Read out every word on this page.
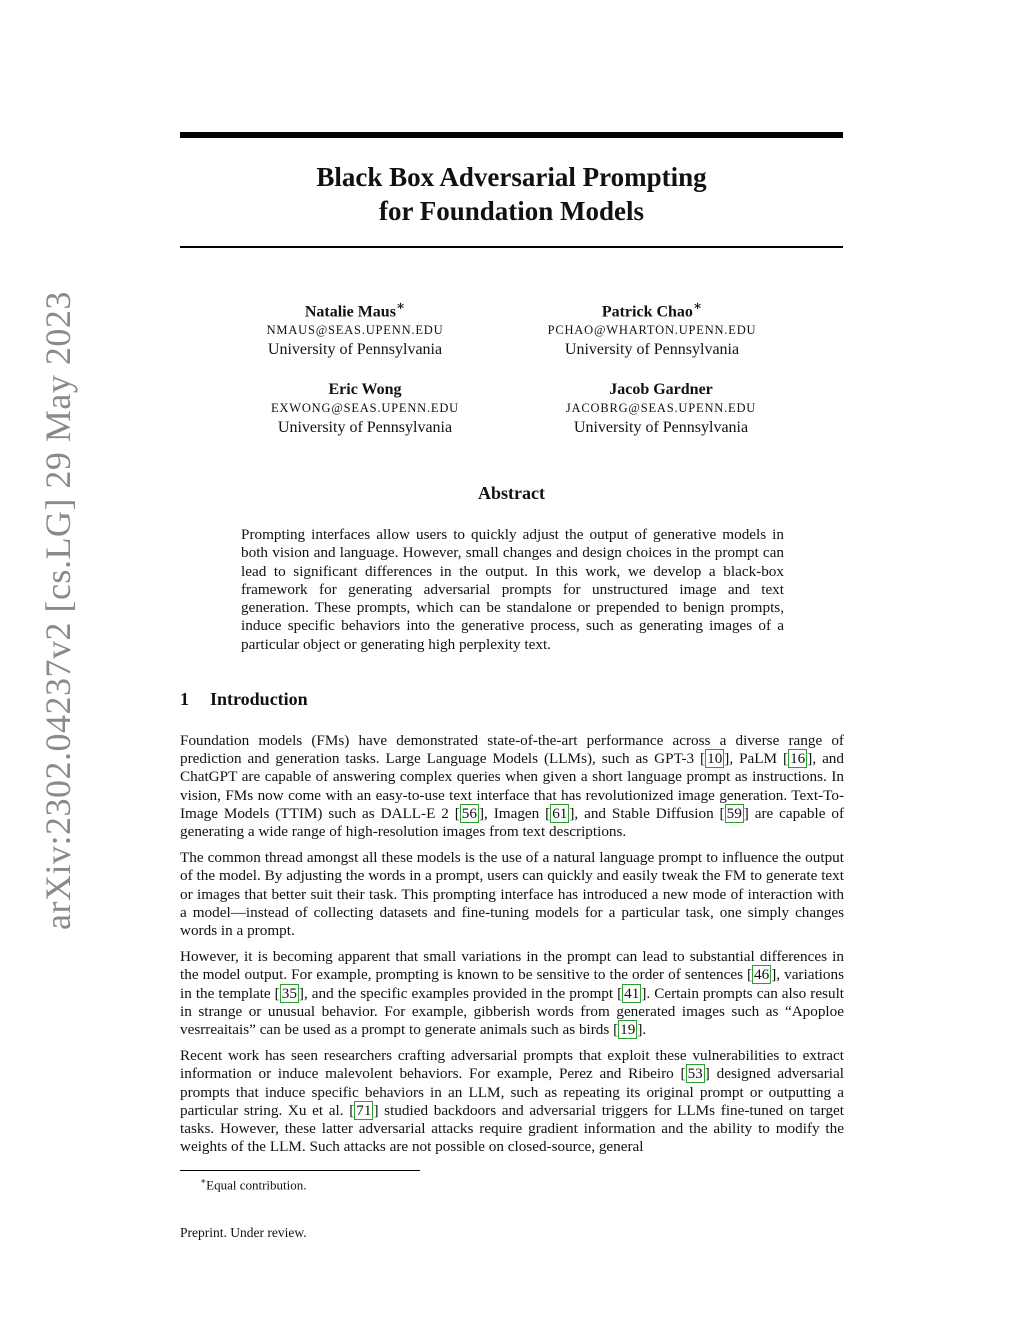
arXiv:2302.04237v2 [cs.LG] 29 May 2023
Black Box Adversarial Prompting
for Foundation Models
Natalie Maus∗
NMAUS@SEAS.UPENN.EDU
University of Pennsylvania
Patrick Chao∗
PCHAO@WHARTON.UPENN.EDU
University of Pennsylvania
Eric Wong
EXWONG@SEAS.UPENN.EDU
University of Pennsylvania
Jacob Gardner
JACOBRG@SEAS.UPENN.EDU
University of Pennsylvania
Abstract
Prompting interfaces allow users to quickly adjust the output of generative models in both vision and language. However, small changes and design choices in the prompt can lead to significant differences in the output. In this work, we develop a black-box framework for generating adversarial prompts for unstructured image and text generation. These prompts, which can be standalone or prepended to benign prompts, induce specific behaviors into the generative process, such as generating images of a particular object or generating high perplexity text.
1 Introduction

Foundation models (FMs) have demonstrated state-of-the-art performance across a diverse range of prediction and generation tasks. Large Language Models (LLMs), such as GPT-3 [ 10 ], PaLM [ 16 ], and ChatGPT are capable of answering complex queries when given a short language prompt as instructions. In vision, FMs now come with an easy-to-use text interface that has revolutionized image generation. Text-To-Image Models (TTIM) such as DALL-E 2 [ 56 ], Imagen [ 61 ], and Stable Diffusion [ 59 ] are capable of generating a wide range of high-resolution images from text descriptions.

The common thread amongst all these models is the use of a natural language prompt to influence the output of the model. By adjusting the words in a prompt, users can quickly and easily tweak the FM to generate text or images that better suit their task. This prompting interface has introduced a new mode of interaction with a model—instead of collecting datasets and fine-tuning models for a particular task, one simply changes words in a prompt.

However, it is becoming apparent that small variations in the prompt can lead to substantial differences in the model output. For example, prompting is known to be sensitive to the order of sentences [ 46 ], variations in the template [ 35 ], and the specific examples provided in the prompt [ 41 ]. Certain prompts can also result in strange or unusual behavior. For example, gibberish words from generated images such as “Apoploe vesrreaitais” can be used as a prompt to generate animals such as birds [ 19 ].

Recent work has seen researchers crafting adversarial prompts that exploit these vulnerabilities to extract information or induce malevolent behaviors. For example, Perez and Ribeiro [ 53 ] designed adversarial prompts that induce specific behaviors in an LLM, such as repeating its original prompt or outputting a particular string. Xu et al. [ 71 ] studied backdoors and adversarial triggers for LLMs fine-tuned on target tasks. However, these latter adversarial attacks require gradient information and the ability to modify the weights of the LLM. Such attacks are not possible on closed-source, general

∗Equal contribution.
Preprint. Under review.
